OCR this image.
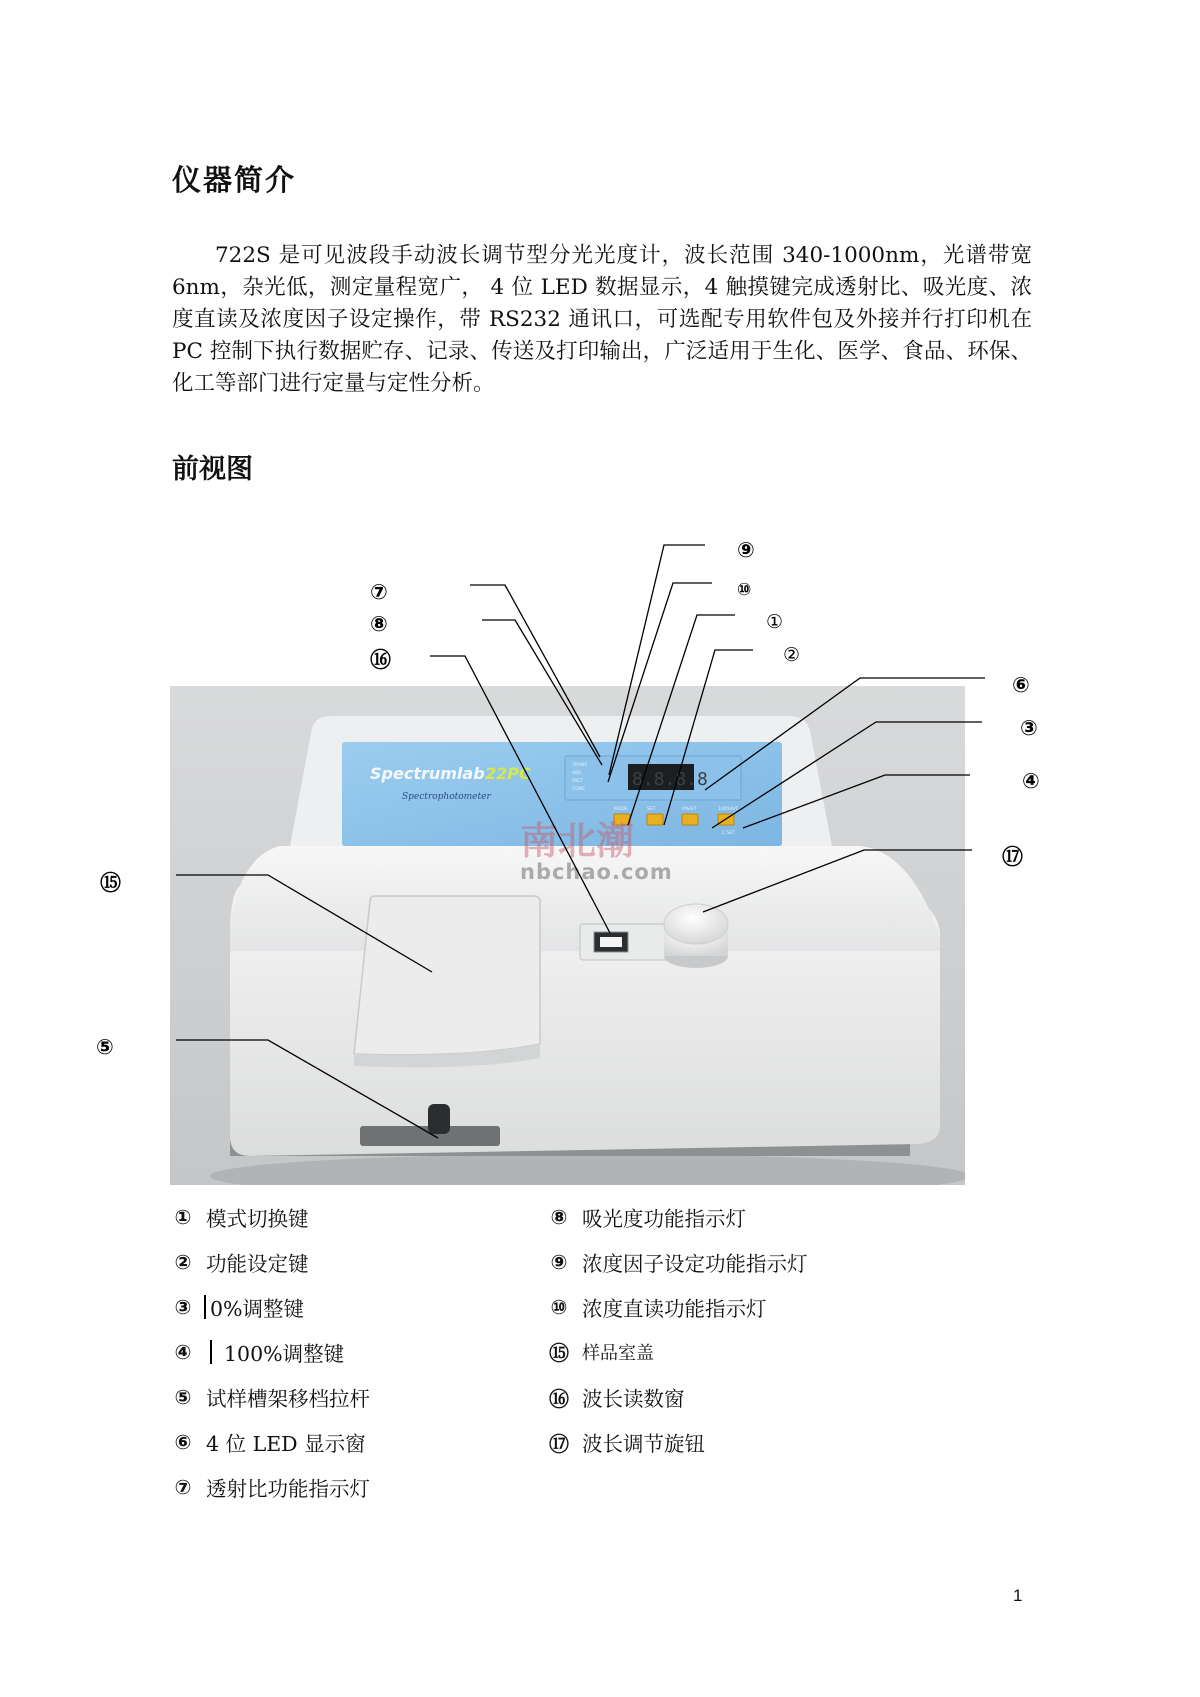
仪器简介
722S 是可见波段手动波长调节型分光光度计，波长范围 340-1000nm，光谱带宽 6nm，杂光低，测定量程宽广， 4 位 LED 数据显示，4 触摸键完成透射比、吸光度、浓度直读及浓度因子设定操作，带 RS232 通讯口，可选配专用软件包及外接并行打印机在 PC 控制下执行数据贮存、记录、传送及打印输出，广泛适用于生化、医学、食品、环保、化工等部门进行定量与定性分析。
前视图
Spectrumlab 22PC
Spectrophotometer
8.8.8.8
TRANS
ABS
FACT
CONC
MODE	SET	0%A/T	100%A/T
C.SET
南北潮
nbchao.com
⑦
⑧
⑯
⑨
⑩
①
②
⑥
③
④
⑰
⑮
⑤
① 模式切换键
② 功能设定键
③ 0%调整键
④ 100%调整键
⑤ 试样槽架移档拉杆
⑥ 4 位 LED 显示窗
⑦ 透射比功能指示灯
⑧ 吸光度功能指示灯
⑨ 浓度因子设定功能指示灯
⑩ 浓度直读功能指示灯
⑮ 样品室盖
⑯ 波长读数窗
⑰ 波长调节旋钮
1
